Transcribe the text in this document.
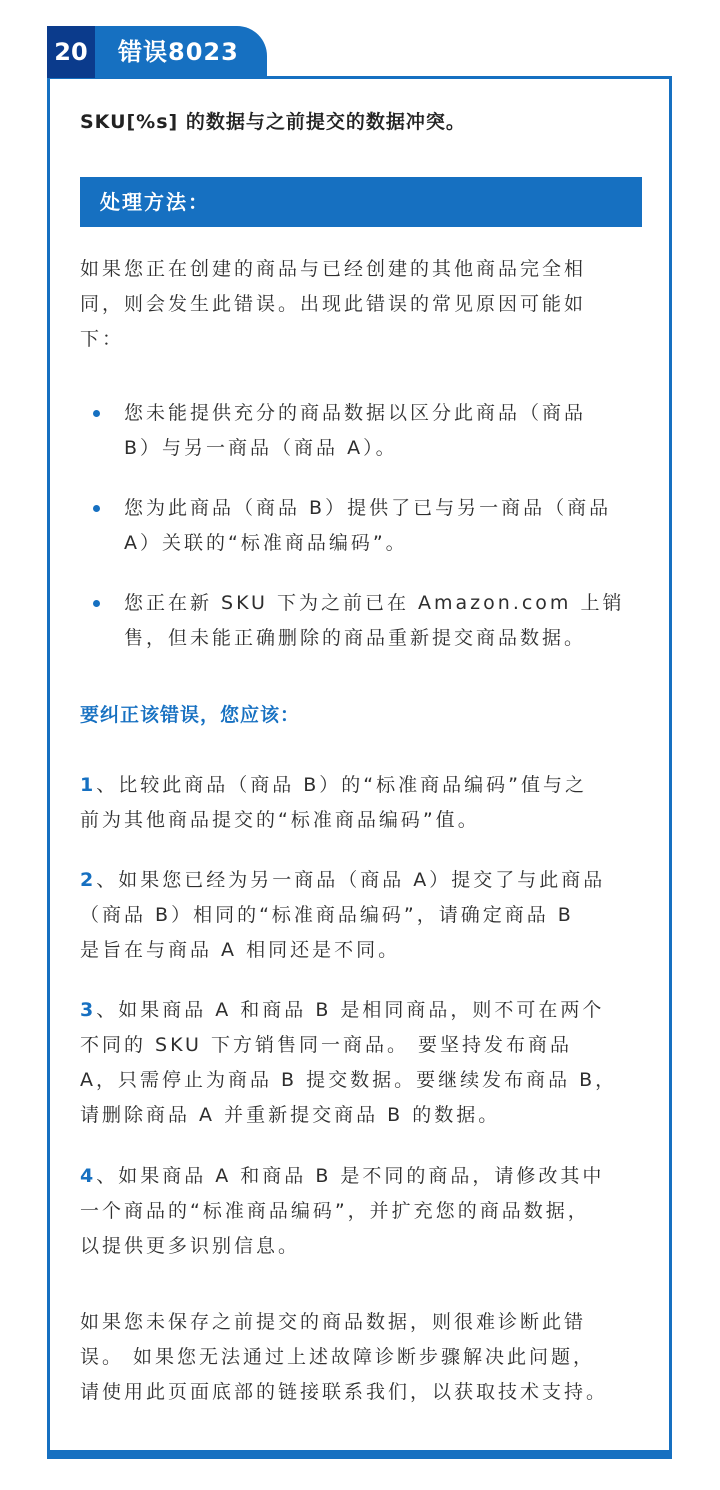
20	错误8023
SKU[%s] 的数据与之前提交的数据冲突。
处理方法：

如果您正在创建的商品与已经创建的其他商品完全相

同，则会发生此错误。出现此错误的常见原因可能如

下：

您未能提供充分的商品数据以区分此商品（商品

B）与另一商品（商品 A）。

您为此商品（商品 B）提供了已与另一商品（商品

A）关联的“标准商品编码”。

您正在新 SKU 下为之前已在 Amazon.com 上销

售，但未能正确删除的商品重新提交商品数据。

要纠正该错误，您应该：

1、比较此商品（商品 B）的“标准商品编码”值与之

前为其他商品提交的“标准商品编码”值。

2、如果您已经为另一商品（商品 A）提交了与此商品

（商品 B）相同的“标准商品编码”，请确定商品 B

是旨在与商品 A 相同还是不同。

3、如果商品 A 和商品 B 是相同商品，则不可在两个

不同的 SKU 下方销售同一商品。 要坚持发布商品

A，只需停止为商品 B 提交数据。要继续发布商品 B，

请删除商品 A 并重新提交商品 B 的数据。

4、如果商品 A 和商品 B 是不同的商品，请修改其中

一个商品的“标准商品编码”，并扩充您的商品数据，

以提供更多识别信息。

如果您未保存之前提交的商品数据，则很难诊断此错

误。 如果您无法通过上述故障诊断步骤解决此问题，

请使用此页面底部的链接联系我们，以获取技术支持。
